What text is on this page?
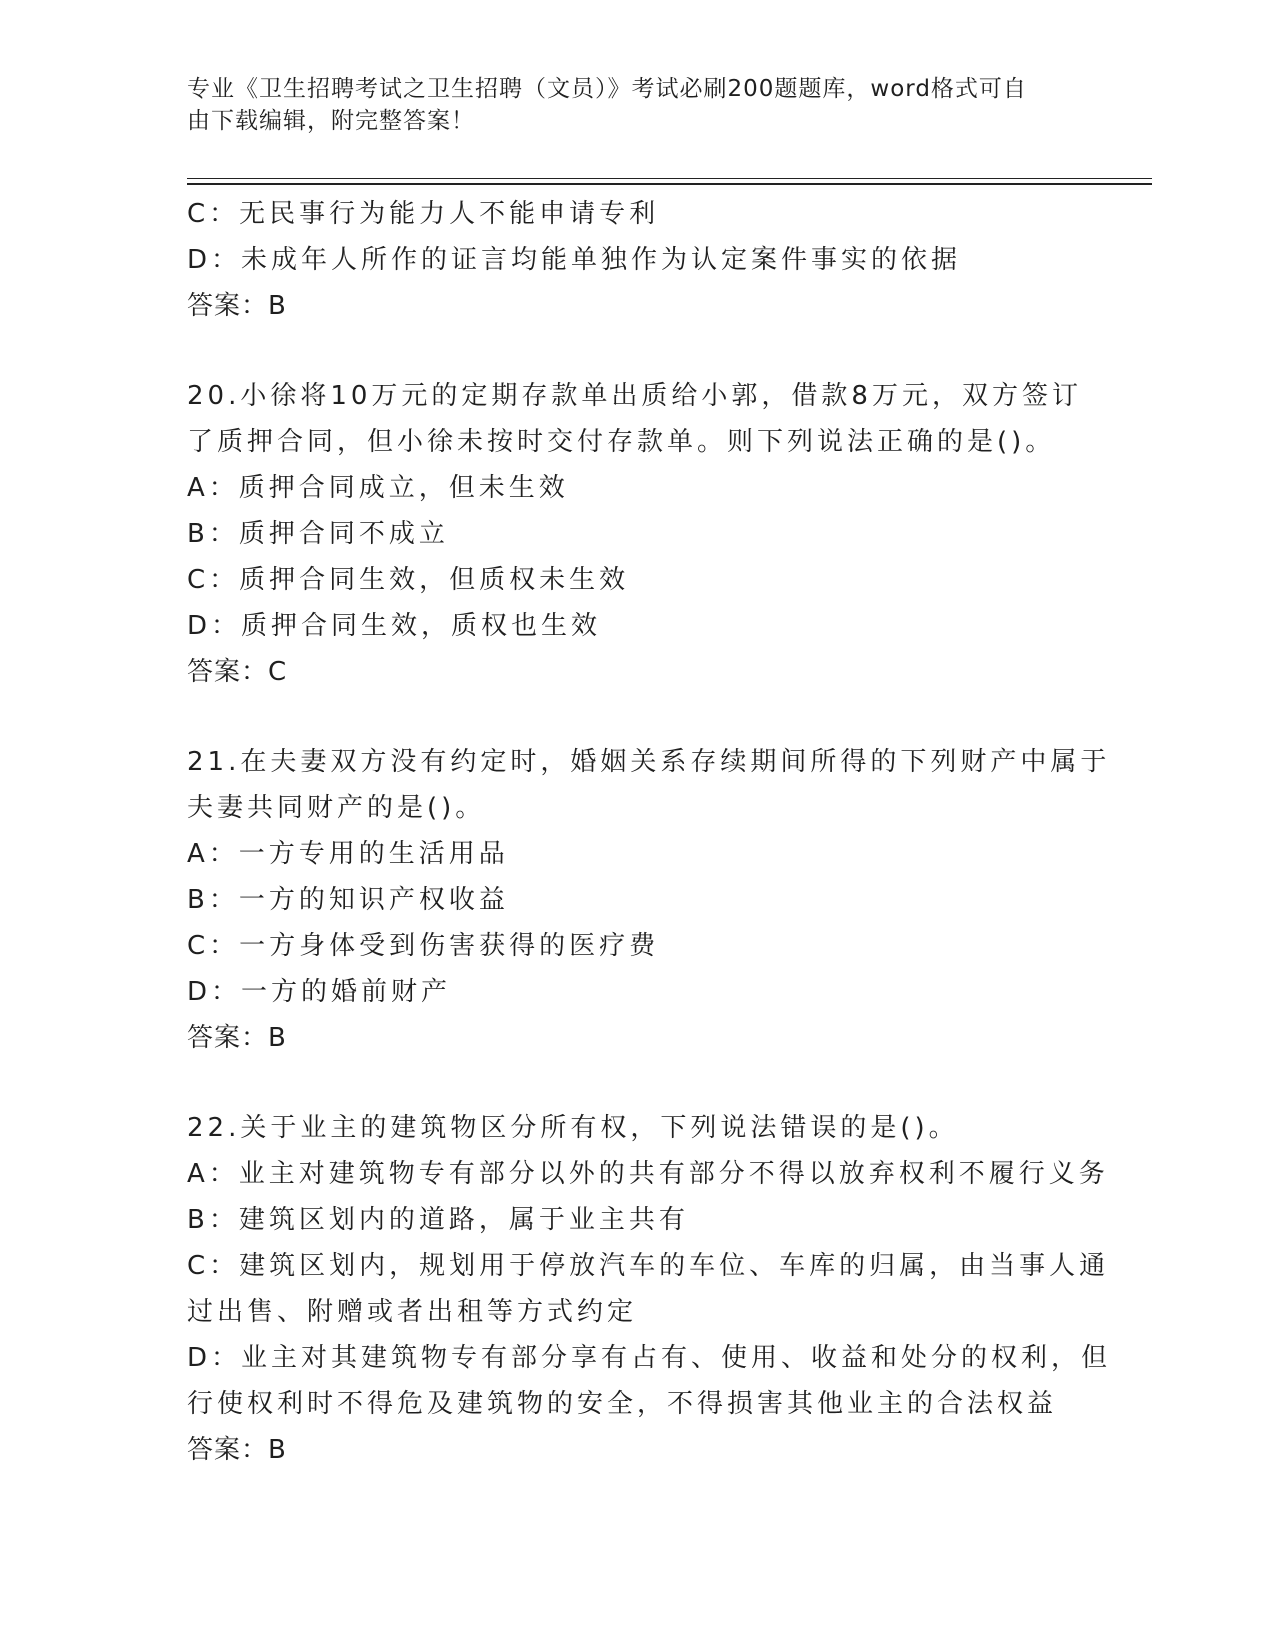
专业《卫生招聘考试之卫生招聘（文员）》考试必刷200题题库，word格式可自
由下载编辑，附完整答案！
C：无民事行为能力人不能申请专利
D：未成年人所作的证言均能单独作为认定案件事实的依据
答案：B
20.小徐将10万元的定期存款单出质给小郭，借款8万元，双方签订
了质押合同，但小徐未按时交付存款单。则下列说法正确的是()。
A：质押合同成立，但未生效
B：质押合同不成立
C：质押合同生效，但质权未生效
D：质押合同生效，质权也生效
答案：C
21.在夫妻双方没有约定时，婚姻关系存续期间所得的下列财产中属于
夫妻共同财产的是()。
A：一方专用的生活用品
B：一方的知识产权收益
C：一方身体受到伤害获得的医疗费
D：一方的婚前财产
答案：B
22.关于业主的建筑物区分所有权，下列说法错误的是()。
A：业主对建筑物专有部分以外的共有部分不得以放弃权利不履行义务
B：建筑区划内的道路，属于业主共有
C：建筑区划内，规划用于停放汽车的车位、车库的归属，由当事人通
过出售、附赠或者出租等方式约定
D：业主对其建筑物专有部分享有占有、使用、收益和处分的权利，但
行使权利时不得危及建筑物的安全，不得损害其他业主的合法权益
答案：B
